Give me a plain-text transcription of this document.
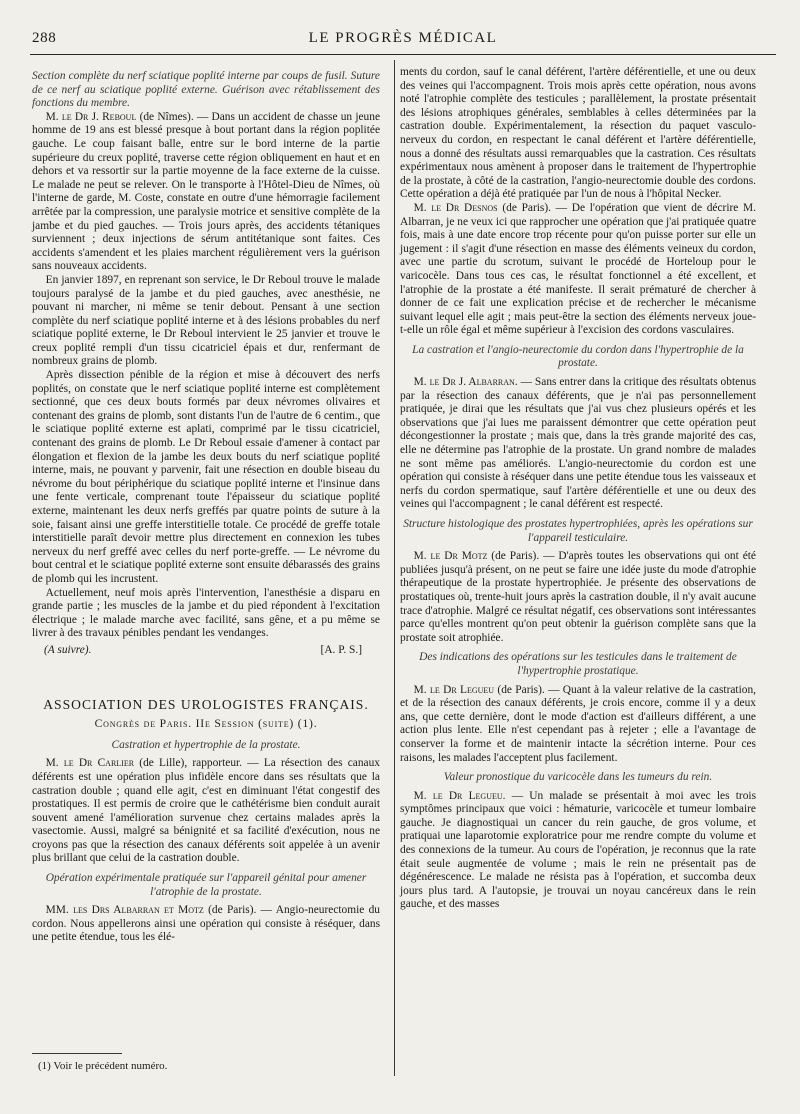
288	LE PROGRÈS MÉDICAL

Section complète du nerf sciatique poplité interne par coups de fusil. Suture de ce nerf au sciatique poplité externe. Guérison avec rétablissement des fonctions du membre.

M. le Dr J. Reboul (de Nîmes). — Dans un accident de chasse un jeune homme de 19 ans est blessé presque à bout portant dans la région poplitée gauche. Le coup faisant balle, entre sur le bord interne de la partie supérieure du creux poplité, traverse cette région obliquement en haut et en dehors et va ressortir sur la partie moyenne de la face externe de la cuisse. Le malade ne peut se relever. On le transporte à l'Hôtel-Dieu de Nîmes, où l'interne de garde, M. Coste, constate en outre d'une hémorragie facilement arrêtée par la compression, une paralysie motrice et sensitive complète de la jambe et du pied gauches. — Trois jours après, des accidents tétaniques surviennent ; deux injections de sérum antitétanique sont faites. Ces accidents s'amendent et les plaies marchent régulièrement vers la guérison sans nouveaux accidents.

En janvier 1897, en reprenant son service, le Dr Reboul trouve le malade toujours paralysé de la jambe et du pied gauches, avec anesthésie, ne pouvant ni marcher, ni même se tenir debout. Pensant à une section complète du nerf sciatique poplité interne et à des lésions probables du nerf sciatique poplité externe, le Dr Reboul intervient le 25 janvier et trouve le creux poplité rempli d'un tissu cicatriciel épais et dur, renfermant de nombreux grains de plomb.

Après dissection pénible de la région et mise à découvert des nerfs poplités, on constate que le nerf sciatique poplité interne est complètement sectionné, que ces deux bouts formés par deux névromes olivaires et contenant des grains de plomb, sont distants l'un de l'autre de 6 centim., que le sciatique poplité externe est aplati, comprimé par le tissu cicatriciel, contenant des grains de plomb. Le Dr Reboul essaie d'amener à contact par élongation et flexion de la jambe les deux bouts du nerf sciatique poplité interne, mais, ne pouvant y parvenir, fait une résection en double biseau du névrome du bout périphérique du sciatique poplité interne et l'insinue dans une fente verticale, comprenant toute l'épaisseur du sciatique poplité externe, maintenant les deux nerfs greffés par quatre points de suture à la soie, faisant ainsi une greffe interstitielle totale. Ce procédé de greffe totale interstitielle paraît devoir mettre plus directement en connexion les tubes nerveux du nerf greffé avec celles du nerf porte-greffe. — Le névrome du bout central et le sciatique poplité externe sont ensuite débarassés des grains de plomb qui les incrustent.

Actuellement, neuf mois après l'intervention, l'anesthésie a disparu en grande partie ; les muscles de la jambe et du pied répondent à l'excitation électrique ; le malade marche avec facilité, sans gêne, et a pu même se livrer à des travaux pénibles pendant les vendanges.

(A suivre).	[A. P. S.]
ASSOCIATION DES UROLOGISTES FRANÇAIS.
Congrès de Paris. IIe Session (suite) (1).
Castration et hypertrophie de la prostate.

M. le Dr Carlier (de Lille), rapporteur. — La résection des canaux déférents est une opération plus infidèle encore dans ses résultats que la castration double ; quand elle agit, c'est en diminuant l'état congestif des prostatiques. Il est permis de croire que le cathétérisme bien conduit aurait souvent amené l'amélioration survenue chez certains malades après la vasectomie. Aussi, malgré sa bénignité et sa facilité d'exécution, nous ne croyons pas que la résection des canaux déférents soit appelée à un avenir plus brillant que celui de la castration double.

Opération expérimentale pratiquée sur l'appareil génital pour amener l'atrophie de la prostate.

MM. les Drs Albarran et Motz (de Paris). — Angio-neurectomie du cordon. Nous appellerons ainsi une opération qui consiste à réséquer, dans une petite étendue, tous les élé-

ments du cordon, sauf le canal déférent, l'artère déférentielle, et une ou deux des veines qui l'accompagnent. Trois mois après cette opération, nous avons noté l'atrophie complète des testicules ; parallèlement, la prostate présentait des lésions atrophiques générales, semblables à celles déterminées par la castration double. Expérimentalement, la résection du paquet vasculo-nerveux du cordon, en respectant le canal déférent et l'artère déférentielle, nous a donné des résultats aussi remarquables que la castration. Ces résultats expérimentaux nous amènent à proposer dans le traitement de l'hypertrophie de la prostate, à côté de la castration, l'angio-neurectomie double des cordons. Cette opération a déjà été pratiquée par l'un de nous à l'hôpital Necker.

M. le Dr Desnos (de Paris). — De l'opération que vient de décrire M. Albarran, je ne veux ici que rapprocher une opération que j'ai pratiquée quatre fois, mais à une date encore trop récente pour qu'on puisse porter sur elle un jugement : il s'agit d'une résection en masse des éléments veineux du cordon, avec une partie du scrotum, suivant le procédé de Horteloup pour le varicocèle. Dans tous ces cas, le résultat fonctionnel a été excellent, et l'atrophie de la prostate a été manifeste. Il serait prématuré de chercher à donner de ce fait une explication précise et de rechercher le mécanisme suivant lequel elle agit ; mais peut-être la section des éléments nerveux joue-t-elle un rôle égal et même supérieur à l'excision des cordons vasculaires.

La castration et l'angio-neurectomie du cordon dans l'hypertrophie de la prostate.

M. le Dr J. Albarran. — Sans entrer dans la critique des résultats obtenus par la résection des canaux déférents, que je n'ai pas personnellement pratiquée, je dirai que les résultats que j'ai vus chez plusieurs opérés et les observations que j'ai lues me paraissent démontrer que cette opération peut décongestionner la prostate ; mais que, dans la très grande majorité des cas, elle ne détermine pas l'atrophie de la prostate. Un grand nombre de malades ne sont même pas améliorés. L'angio-neurectomie du cordon est une opération qui consiste à réséquer dans une petite étendue tous les vaisseaux et nerfs du cordon spermatique, sauf l'artère déférentielle et une ou deux des veines qui l'accompagnent ; le canal déférent est respecté.

Structure histologique des prostates hypertrophiées, après les opérations sur l'appareil testiculaire.

M. le Dr Motz (de Paris). — D'après toutes les observations qui ont été publiées jusqu'à présent, on ne peut se faire une idée juste du mode d'atrophie thérapeutique de la prostate hypertrophiée. Je présente des observations de prostatiques où, trente-huit jours après la castration double, il n'y avait aucune trace d'atrophie. Malgré ce résultat négatif, ces observations sont intéressantes parce qu'elles montrent qu'on peut obtenir la guérison complète sans que la prostate soit atrophiée.

Des indications des opérations sur les testicules dans le traitement de l'hypertrophie prostatique.

M. le Dr Legueu (de Paris). — Quant à la valeur relative de la castration, et de la résection des canaux déférents, je crois encore, comme il y a deux ans, que cette dernière, dont le mode d'action est d'ailleurs différent, a une action plus lente. Elle n'est cependant pas à rejeter ; elle a l'avantage de conserver la forme et de maintenir intacte la sécrétion interne. Pour ces raisons, les malades l'acceptent plus facilement.

Valeur pronostique du varicocèle dans les tumeurs du rein.

M. le Dr Legueu. — Un malade se présentait à moi avec les trois symptômes principaux que voici : hématurie, varicocèle et tumeur lombaire gauche. Je diagnostiquai un cancer du rein gauche, de gros volume, et pratiquai une laparotomie exploratrice pour me rendre compte du volume et des connexions de la tumeur. Au cours de l'opération, je reconnus que la rate était seule augmentée de volume ; mais le rein ne présentait pas de dégénérescence. Le malade ne résista pas à l'opération, et succomba deux jours plus tard. A l'autopsie, je trouvai un noyau cancéreux dans le rein gauche, et des masses

(1) Voir le précédent numéro.
